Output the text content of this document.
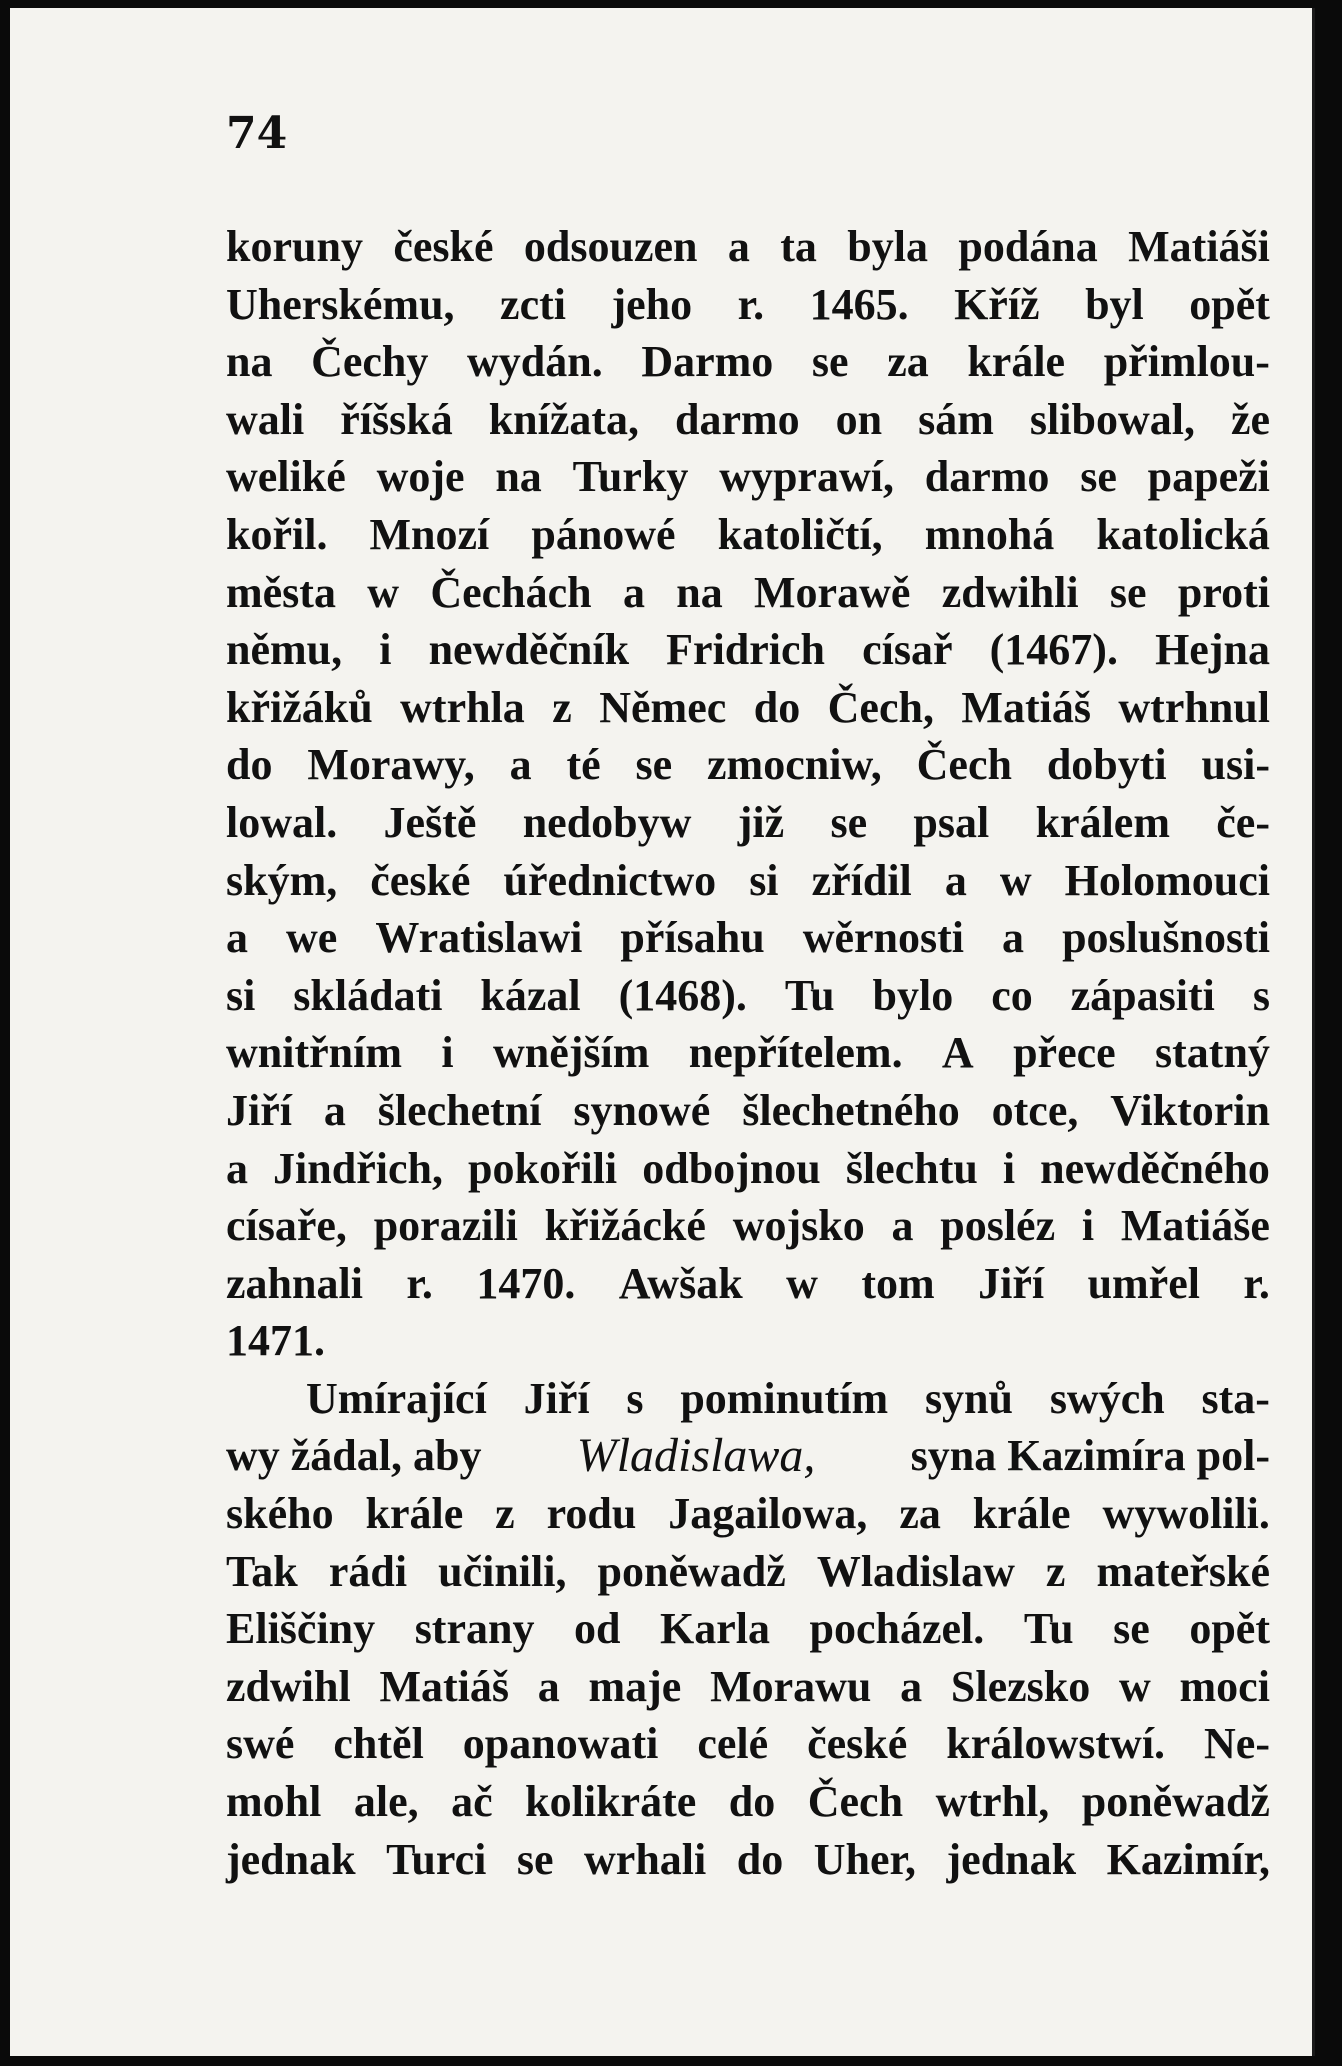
74
koruny české odsouzen a ta byla podána Matiáši
Uherskému, zcti jeho r. 1465. Kříž byl opět
na Čechy wydán. Darmo se za krále přimlou-
wali říšská knížata, darmo on sám slibowal, že
weliké woje na Turky wyprawí, darmo se papeži
kořil. Mnozí pánowé katoličtí, mnohá katolická
města w Čechách a na Morawě zdwihli se proti
němu, i newděčník Fridrich císař (1467). Hejna
křižáků wtrhla z Němec do Čech, Matiáš wtrhnul
do Morawy, a té se zmocniw, Čech dobyti usi-
lowal. Ještě nedobyw již se psal králem če-
ským, české úřednictwo si zřídil a w Holomouci
a we Wratislawi přísahu wěrnosti a poslušnosti
si skládati kázal (1468). Tu bylo co zápasiti s
wnitřním i wnějším nepřítelem. A přece statný
Jiří a šlechetní synowé šlechetného otce, Viktorin
a Jindřich, pokořili odbojnou šlechtu i newděčného
císaře, porazili křižácké wojsko a posléz i Matiáše
zahnali r. 1470. Awšak w tom Jiří umřel r.
1471.
Umírající Jiří s pominutím synů swých sta-
wy žádal, aby Wladislawa, syna Kazimíra pol-
ského krále z rodu Jagailowa, za krále wywolili.
Tak rádi učinili, poněwadž Wladislaw z mateřské
Eliščiny strany od Karla pocházel. Tu se opět
zdwihl Matiáš a maje Morawu a Slezsko w moci
swé chtěl opanowati celé české králowstwí. Ne-
mohl ale, ač kolikráte do Čech wtrhl, poněwadž
jednak Turci se wrhali do Uher, jednak Kazimír,
